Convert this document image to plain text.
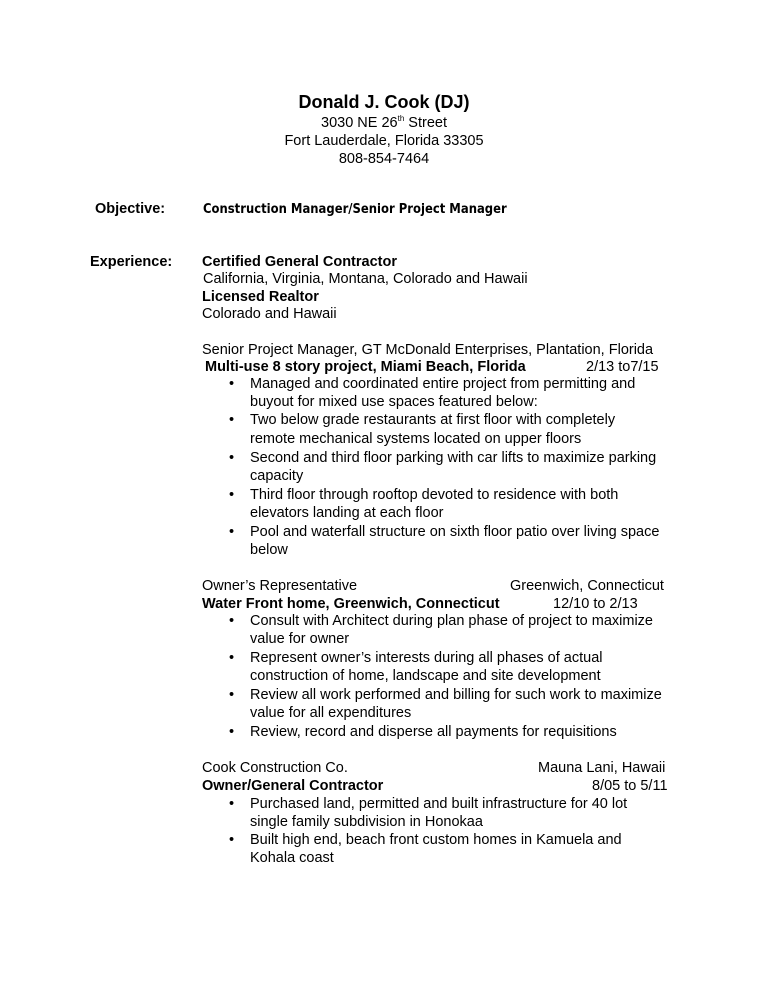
Donald J. Cook (DJ)
3030 NE 26th Street
Fort Lauderdale, Florida 33305
808-854-7464
Objective:	Construction Manager/Senior Project Manager
Experience: Certified General Contractor
California, Virginia, Montana, Colorado and Hawaii
Licensed Realtor
Colorado and Hawaii
Senior Project Manager, GT McDonald Enterprises, Plantation, Florida
Multi-use 8 story project, Miami Beach, Florida	2/13 to7/15
• Managed and coordinated entire project from permitting and
buyout for mixed use spaces featured below:
• Two below grade restaurants at first floor with completely
remote mechanical systems located on upper floors
• Second and third floor parking with car lifts to maximize parking
capacity
• Third floor through rooftop devoted to residence with both
elevators landing at each floor
• Pool and waterfall structure on sixth floor patio over living space
below
Owner’s Representative	Greenwich, Connecticut
Water Front home, Greenwich, Connecticut	12/10 to 2/13
• Consult with Architect during plan phase of project to maximize
value for owner
• Represent owner’s interests during all phases of actual
construction of home, landscape and site development
• Review all work performed and billing for such work to maximize
value for all expenditures
• Review, record and disperse all payments for requisitions
Cook Construction Co.	Mauna Lani, Hawaii
Owner/General Contractor	8/05 to 5/11
• Purchased land, permitted and built infrastructure for 40 lot
single family subdivision in Honokaa
• Built high end, beach front custom homes in Kamuela and
Kohala coast
